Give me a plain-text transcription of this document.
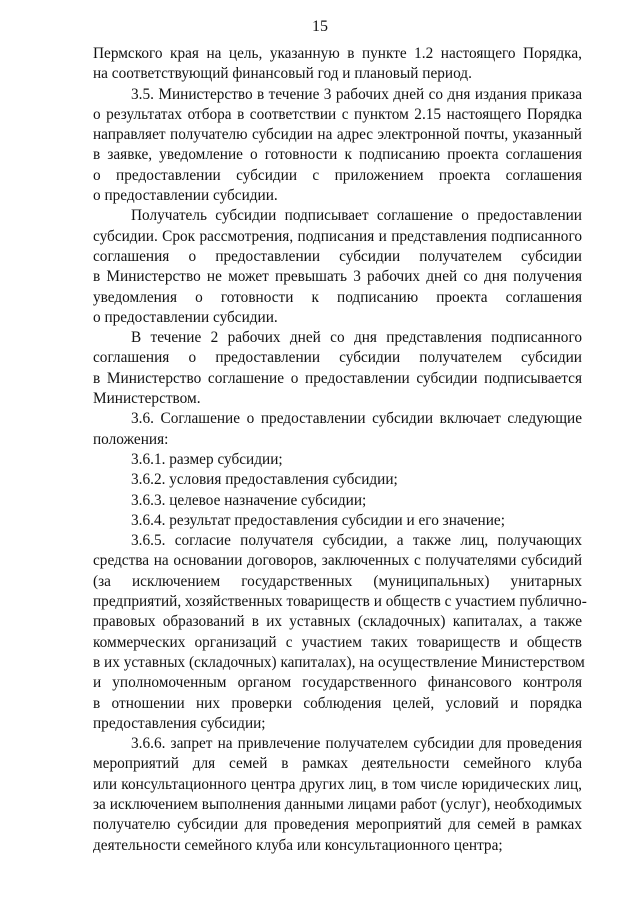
15
Пермского края на цель, указанную в пункте 1.2 настоящего Порядка,
на соответствующий финансовый год и плановый период.
3.5. Министерство в течение 3 рабочих дней со дня издания приказа
о результатах отбора в соответствии с пунктом 2.15 настоящего Порядка
направляет получателю субсидии на адрес электронной почты, указанный
в заявке, уведомление о готовности к подписанию проекта соглашения
о предоставлении субсидии с приложением проекта соглашения
о предоставлении субсидии.
Получатель субсидии подписывает соглашение о предоставлении
субсидии. Срок рассмотрения, подписания и представления подписанного
соглашения о предоставлении субсидии получателем субсидии
в Министерство не может превышать 3 рабочих дней со дня получения
уведомления о готовности к подписанию проекта соглашения
о предоставлении субсидии.
В течение 2 рабочих дней со дня представления подписанного
соглашения о предоставлении субсидии получателем субсидии
в Министерство соглашение о предоставлении субсидии подписывается
Министерством.
3.6. Соглашение о предоставлении субсидии включает следующие
положения:
3.6.1. размер субсидии;
3.6.2. условия предоставления субсидии;
3.6.3. целевое назначение субсидии;
3.6.4. результат предоставления субсидии и его значение;
3.6.5. согласие получателя субсидии, а также лиц, получающих
средства на основании договоров, заключенных с получателями субсидий
(за исключением государственных (муниципальных) унитарных
предприятий, хозяйственных товариществ и обществ с участием публично-
правовых образований в их уставных (складочных) капиталах, а также
коммерческих организаций с участием таких товариществ и обществ
в их уставных (складочных) капиталах), на осуществление Министерством
и уполномоченным органом государственного финансового контроля
в отношении них проверки соблюдения целей, условий и порядка
предоставления субсидии;
3.6.6. запрет на привлечение получателем субсидии для проведения
мероприятий для семей в рамках деятельности семейного клуба
или консультационного центра других лиц, в том числе юридических лиц,
за исключением выполнения данными лицами работ (услуг), необходимых
получателю субсидии для проведения мероприятий для семей в рамках
деятельности семейного клуба или консультационного центра;
